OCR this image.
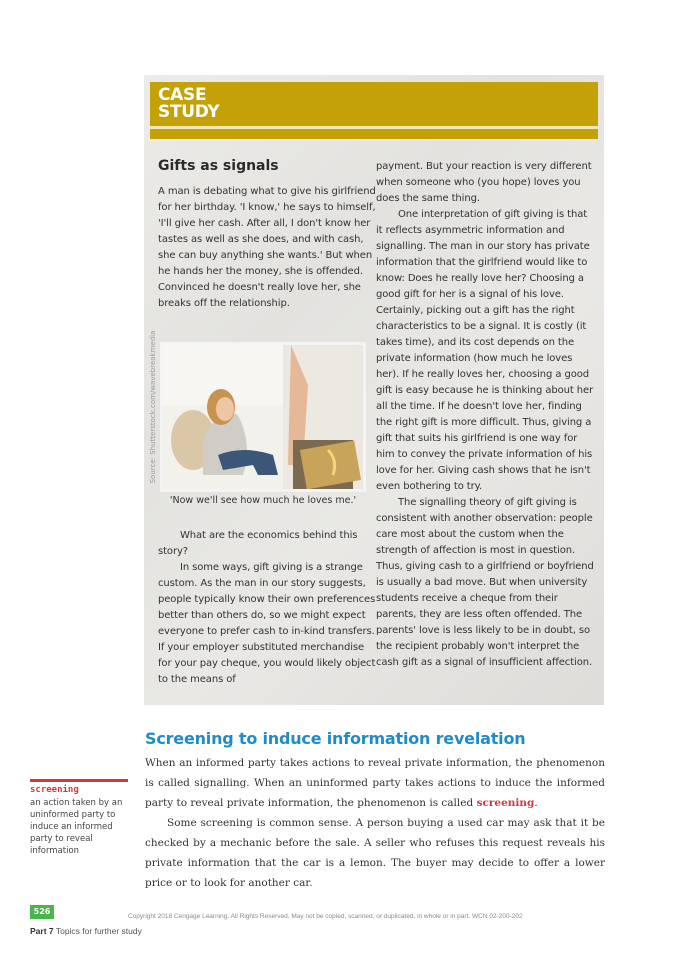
CASE
STUDY
Gifts as signals

A man is debating what to give his girlfriend for her birthday. 'I know,' he says to himself, 'I'll give her cash. After all, I don't know her tastes as well as she does, and with cash, she can buy anything she wants.' But when he hands her the money, she is offended. Convinced he doesn't really love her, she breaks off the relationship.

Source: Shutterstock.com/wavebreakmedia
'Now we'll see how much he loves me.'

What are the economics behind this story?

In some ways, gift giving is a strange custom. As the man in our story suggests, people typically know their own preferences better than others do, so we might expect everyone to prefer cash to in-kind transfers. If your employer substituted merchandise for your pay cheque, you would likely object to the means of

payment. But your reaction is very different when someone who (you hope) loves you does the same thing.

One interpretation of gift giving is that it reflects asymmetric information and signalling. The man in our story has private information that the girlfriend would like to know: Does he really love her? Choosing a good gift for her is a signal of his love. Certainly, picking out a gift has the right characteristics to be a signal. It is costly (it takes time), and its cost depends on the private information (how much he loves her). If he really loves her, choosing a good gift is easy because he is thinking about her all the time. If he doesn't love her, finding the right gift is more difficult. Thus, giving a gift that suits his girlfriend is one way for him to convey the private information of his love for her. Giving cash shows that he isn't even bothering to try.

The signalling theory of gift giving is consistent with another observation: people care most about the custom when the strength of affection is most in question. Thus, giving cash to a girlfriend or boyfriend is usually a bad move. But when university students receive a cheque from their parents, they are less often offended. The parents' love is less likely to be in doubt, so the recipient probably won't interpret the cash gift as a signal of insufficient affection.

Screening to induce information revelation

When an informed party takes actions to reveal private information, the phenomenon is called signalling. When an uninformed party takes actions to induce the informed party to reveal private information, the phenomenon is called screening.

Some screening is common sense. A person buying a used car may ask that it be checked by a mechanic before the sale. A seller who refuses this request reveals his private information that the car is a lemon. The buyer may decide to offer a lower price or to look for another car.

screening
an action taken by an uninformed party to induce an informed party to reveal information
526
Copyright 2018 Cengage Learning. All Rights Reserved. May not be copied, scanned, or duplicated, in whole or in part. WCN 02-200-202
Part 7 Topics for further study
